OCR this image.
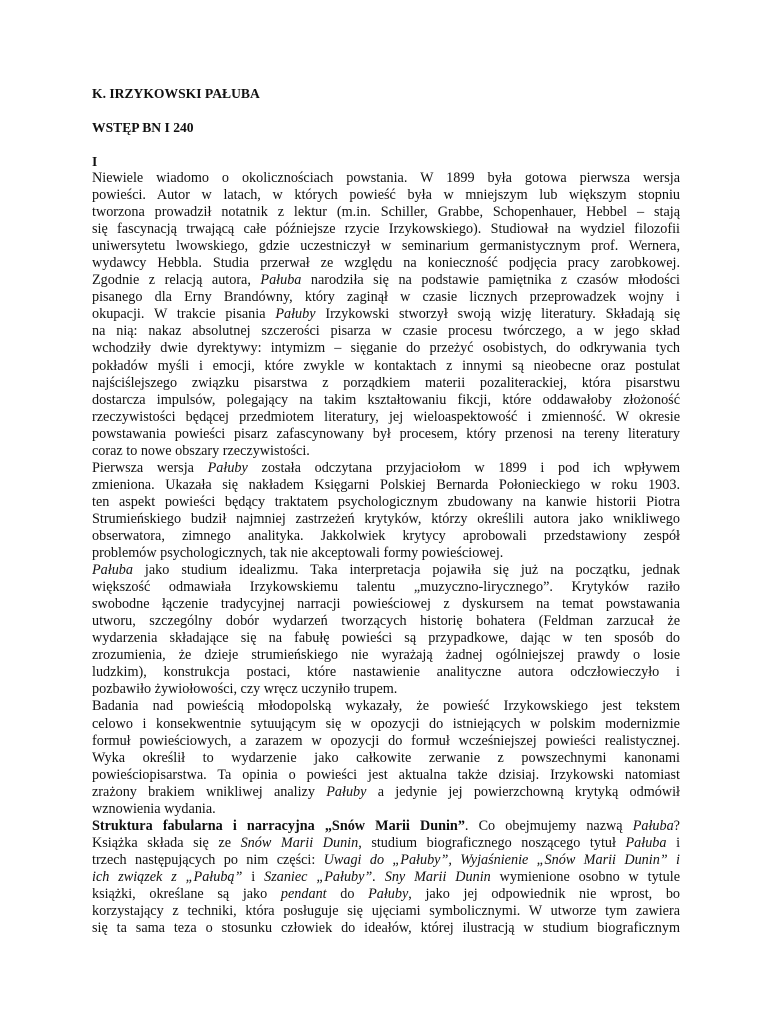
K. IRZYKOWSKI PAŁUBA
WSTĘP BN I 240
I
Niewiele wiadomo o okolicznościach powstania. W 1899 była gotowa pierwsza wersja
powieści. Autor w latach, w których powieść była w mniejszym lub większym stopniu
tworzona prowadził notatnik z lektur (m.in. Schiller, Grabbe, Schopenhauer, Hebbel – stają
się fascynacją trwającą całe późniejsze rzycie Irzykowskiego). Studiował na wydziel filozofii
uniwersytetu lwowskiego, gdzie uczestniczył w seminarium germanistycznym prof. Wernera,
wydawcy Hebbla. Studia przerwał ze względu na konieczność podjęcia pracy zarobkowej.
Zgodnie z relacją autora, Pałuba narodziła się na podstawie pamiętnika z czasów młodości
pisanego dla Erny Brandówny, który zaginął w czasie licznych przeprowadzek wojny i
okupacji. W trakcie pisania Pałuby Irzykowski stworzył swoją wizję literatury. Składają się
na nią: nakaz absolutnej szczerości pisarza w czasie procesu twórczego, a w jego skład
wchodziły dwie dyrektywy: intymizm – sięganie do przeżyć osobistych, do odkrywania tych
pokładów myśli i emocji, które zwykle w kontaktach z innymi są nieobecne oraz postulat
najściślejszego związku pisarstwa z porządkiem materii pozaliterackiej, która pisarstwu
dostarcza impulsów, polegający na takim kształtowaniu fikcji, które oddawałoby złożoność
rzeczywistości będącej przedmiotem literatury, jej wieloaspektowość i zmienność. W okresie
powstawania powieści pisarz zafascynowany był procesem, który przenosi na tereny literatury
coraz to nowe obszary rzeczywistości.
Pierwsza wersja Pałuby została odczytana przyjaciołom w 1899 i pod ich wpływem
zmieniona. Ukazała się nakładem Księgarni Polskiej Bernarda Połonieckiego w roku 1903.
ten aspekt powieści będący traktatem psychologicznym zbudowany na kanwie historii Piotra
Strumieńskiego budził najmniej zastrzeżeń krytyków, którzy określili autora jako wnikliwego
obserwatora, zimnego analityka. Jakkolwiek krytycy aprobowali przedstawiony zespół
problemów psychologicznych, tak nie akceptowali formy powieściowej.
Pałuba jako studium idealizmu. Taka interpretacja pojawiła się już na początku, jednak
większość odmawiała Irzykowskiemu talentu „muzyczno-lirycznego”. Krytyków raziło
swobodne łączenie tradycyjnej narracji powieściowej z dyskursem na temat powstawania
utworu, szczególny dobór wydarzeń tworzących historię bohatera (Feldman zarzucał że
wydarzenia składające się na fabułę powieści są przypadkowe, dając w ten sposób do
zrozumienia, że dzieje strumieńskiego nie wyrażają żadnej ogólniejszej prawdy o losie
ludzkim), konstrukcja postaci, które nastawienie analityczne autora odczłowieczyło i
pozbawiło żywiołowości, czy wręcz uczyniło trupem.
Badania nad powieścią młodopolską wykazały, że powieść Irzykowskiego jest tekstem
celowo i konsekwentnie sytuującym się w opozycji do istniejących w polskim modernizmie
formuł powieściowych, a zarazem w opozycji do formuł wcześniejszej powieści realistycznej.
Wyka określił to wydarzenie jako całkowite zerwanie z powszechnymi kanonami
powieściopisarstwa. Ta opinia o powieści jest aktualna także dzisiaj. Irzykowski natomiast
zrażony brakiem wnikliwej analizy Pałuby a jedynie jej powierzchowną krytyką odmówił
wznowienia wydania.
Struktura fabularna i narracyjna „Snów Marii Dunin”. Co obejmujemy nazwą Pałuba?
Książka składa się ze Snów Marii Dunin, studium biograficznego noszącego tytuł Pałuba i
trzech następujących po nim części: Uwagi do „Pałuby”, Wyjaśnienie „Snów Marii Dunin” i
ich związek z „Pałubą” i Szaniec „Pałuby”. Sny Marii Dunin wymienione osobno w tytule
książki, określane są jako pendant do Pałuby, jako jej odpowiednik nie wprost, bo
korzystający z techniki, która posługuje się ujęciami symbolicznymi. W utworze tym zawiera
się ta sama teza o stosunku człowiek do ideałów, której ilustracją w studium biograficznym
